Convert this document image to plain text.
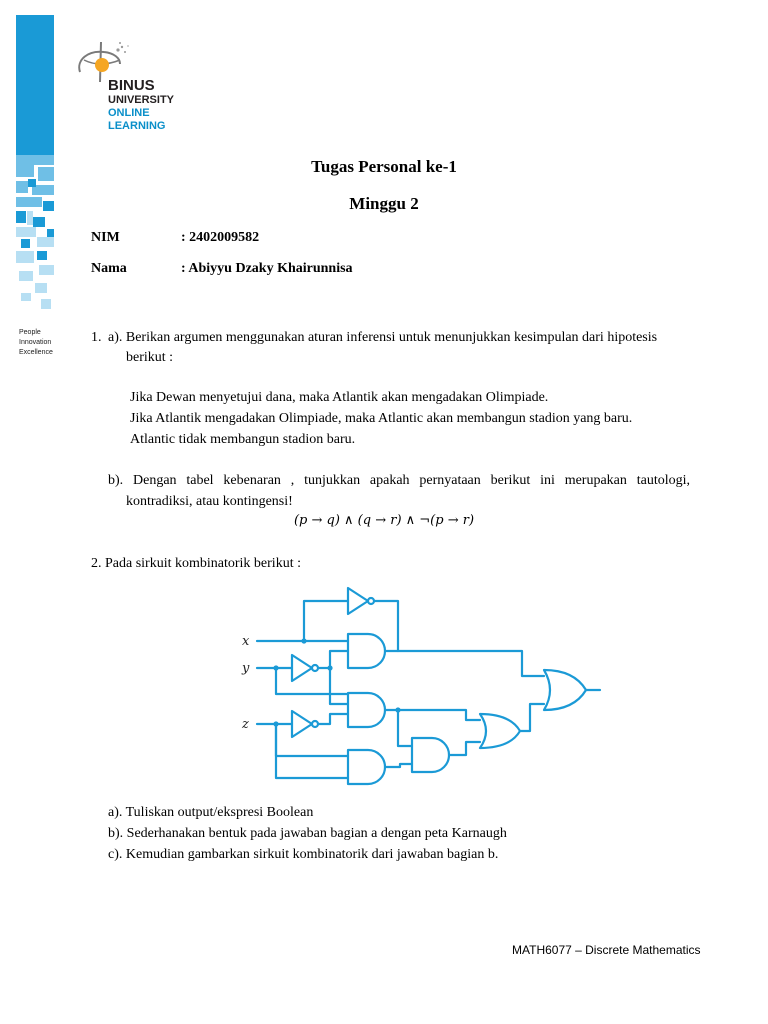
People
Innovation
Excellence
BINUS
UNIVERSITY
ONLINE
LEARNING
Tugas Personal ke-1
Minggu 2
NIM	: 2402009582
Nama	: Abiyyu Dzaky Khairunnisa
1. a). Berikan argumen menggunakan aturan inferensi untuk menunjukkan kesimpulan dari hipotesis
berikut :
Jika Dewan menyetujui dana, maka Atlantik akan mengadakan Olimpiade.
Jika Atlantik mengadakan Olimpiade, maka Atlantic akan membangun stadion yang baru.
Atlantic tidak membangun stadion baru.
b). Dengan tabel kebenaran , tunjukkan apakah pernyataan berikut ini merupakan tautologi,
kontradiksi, atau kontingensi!
(p → q) ∧ (q → r) ∧ ¬(p → r)
2. Pada sirkuit kombinatorik berikut :
x
y
z
a). Tuliskan output/ekspresi Boolean
b). Sederhanakan bentuk pada jawaban bagian a dengan peta Karnaugh
c). Kemudian gambarkan sirkuit kombinatorik dari jawaban bagian b.
MATH6077 – Discrete Mathematics
